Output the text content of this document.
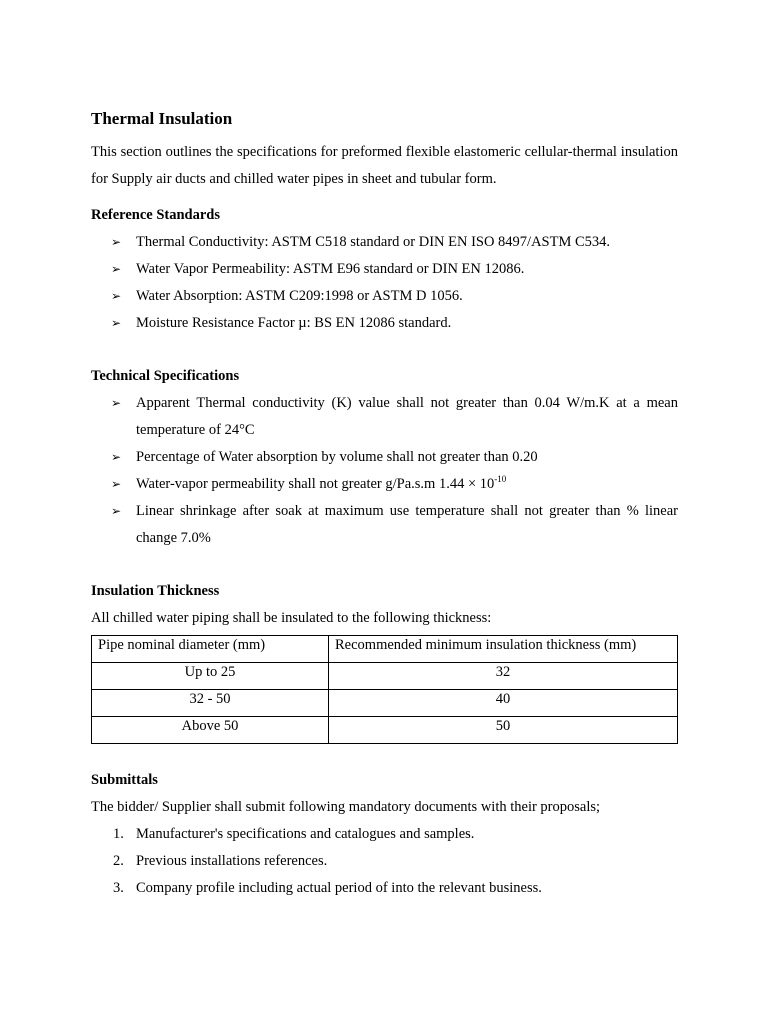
Thermal Insulation

This section outlines the specifications for preformed flexible elastomeric cellular-thermal insulation for Supply air ducts and chilled water pipes in sheet and tubular form.

Reference Standards
➢ Thermal Conductivity: ASTM C518 standard or DIN EN ISO 8497/ASTM C534.
➢ Water Vapor Permeability: ASTM E96 standard or DIN EN 12086.
➢ Water Absorption: ASTM C209:1998 or ASTM D 1056.
➢ Moisture Resistance Factor µ: BS EN 12086 standard.
Technical Specifications
➢ Apparent Thermal conductivity (K) value shall not greater than 0.04 W/m.K at a mean temperature of 24°C
➢ Percentage of Water absorption by volume shall not greater than 0.20
➢ Water-vapor permeability shall not greater g/Pa.s.m $1.44 \times 10^{-10}$
➢ Linear shrinkage after soak at maximum use temperature shall not greater than % linear change 7.0%
Insulation Thickness

All chilled water piping shall be insulated to the following thickness:

Pipe nominal diameter (mm)	Recommended minimum insulation thickness (mm)
Up to 25	32
32 - 50	40
Above 50	50
Submittals

The bidder/ Supplier shall submit following mandatory documents with their proposals;

1. Manufacturer's specifications and catalogues and samples.
2. Previous installations references.
3. Company profile including actual period of into the relevant business.
